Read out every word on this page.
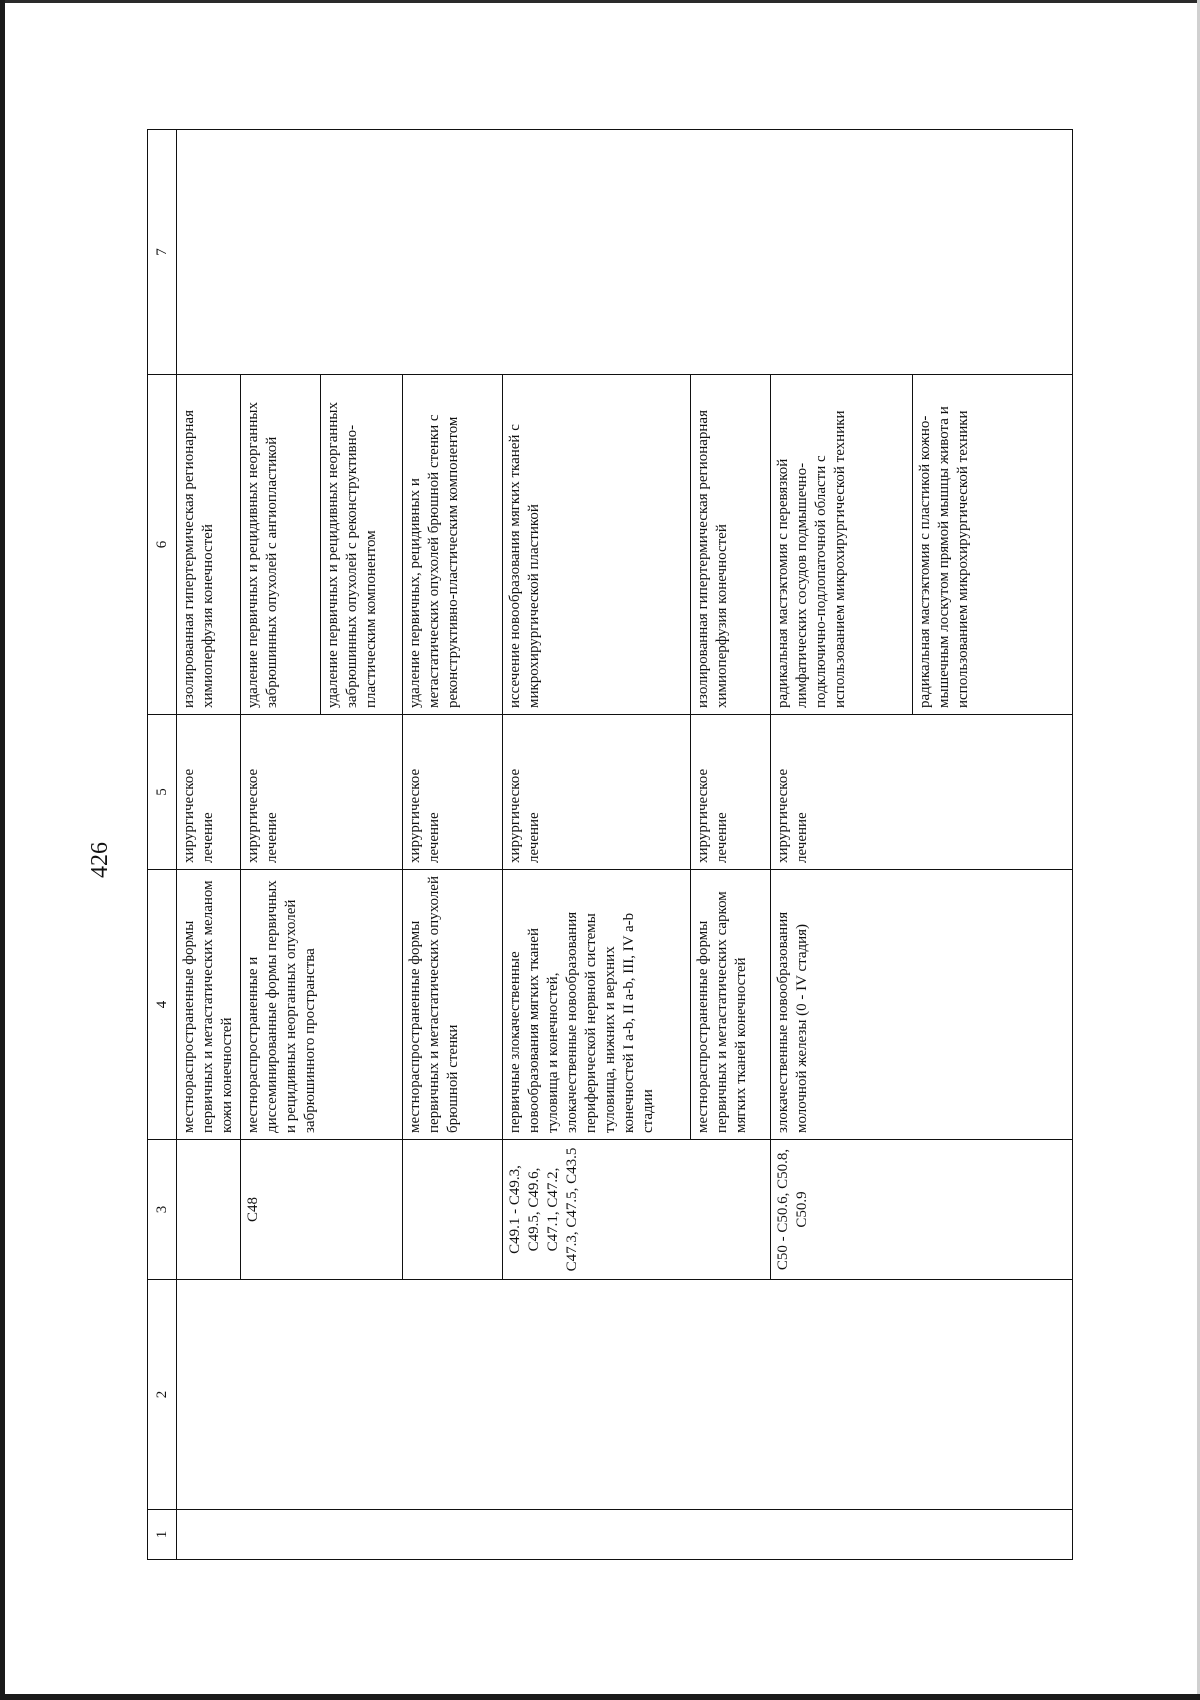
426
1	2	3	4	5	6	7
			местнораспространенные формы первичных и метастатических меланом кожи конечностей	хирургическое лечение	изолированная гипертермическая регионарная химиоперфузия конечностей	
		C48	местнораспространенные и диссеминированные формы первичных и рецидивных неорганных опухолей забрюшинного пространства	хирургическое лечение	удаление первичных и рецидивных неорганных забрюшинных опухолей с ангиопластикой	
					удаление первичных и рецидивных неорганных забрюшинных опухолей с реконструктивно-пластическим компонентом	
			местнораспространенные формы первичных и метастатических опухолей брюшной стенки	хирургическое лечение	удаление первичных, рецидивных и метастатических опухолей брюшной стенки с реконструктивно-пластическим компонентом	
		C49.1 - C49.3, C49.5, C49.6, C47.1, C47.2, C47.3, C47.5, C43.5	первичные злокачественные новообразования мягких тканей туловища и конечностей, злокачественные новообразования периферической нервной системы туловища, нижних и верхних конечностей I a-b, II a-b, III, IV a-b стадии	хирургическое лечение	иссечение новообразования мягких тканей с микрохирургической пластикой	
			местнораспространенные формы первичных и метастатических сарком мягких тканей конечностей	хирургическое лечение	изолированная гипертермическая регионарная химиоперфузия конечностей	
		C50 - C50.6, C50.8, C50.9	злокачественные новообразования молочной железы (0 - IV стадия)	хирургическое лечение	радикальная мастэктомия с перевязкой лимфатических сосудов подмышечно-подключично-подлопаточной области с использованием микрохирургической техники	
					радикальная мастэктомия с пластикой кожно-мышечным лоскутом прямой мышцы живота и использованием микрохирургической техники	
